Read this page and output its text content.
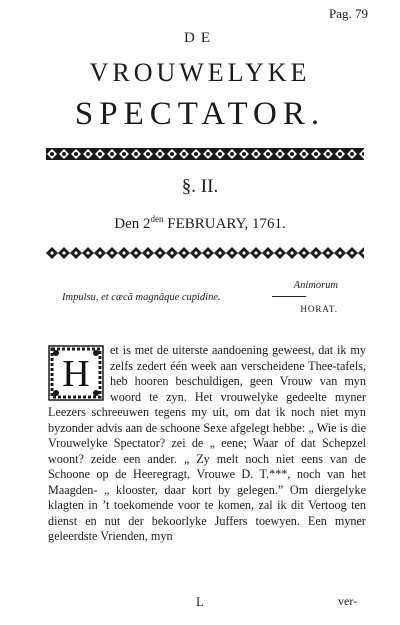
Pag. 79
DE
VROUWELYKE
SPECTATOR.
§. II.
Den $2^{den}$ FEBRUARY, 1761.
Animorum
Impulsu, et cæcâ magnâque cupidine.
HORAT.
H

et is met de uiterste aandoening geweest, dat ik my zelfs zedert één week aan verscheidene Thee-tafels, heb hooren beschuldigen, geen Vrouw van myn woord te zyn. Het vrouwelyke gedeelte myner Leezers schreeuwen tegens my uit, om dat ik noch niet myn byzonder advis aan de schoone Sexe afgelegt hebbe: „ Wie is die Vrouwelyke Spectator? zei de „ eene; Waar of dat Schepzel woont? zeide een ander. „ Zy melt noch niet eens van de Schoone op de Heeregragt, Vrouwe D. T.***, noch van het Maagden- „ klooster, daar kort by gelegen.” Om diergelyke klagten in ’t toekomende voor te komen, zal ik dit Vertoog ten dienst en nut der bekoorlyke Juffers toewyen. Een myner geleerdste Vrienden, myn

L	ver-
